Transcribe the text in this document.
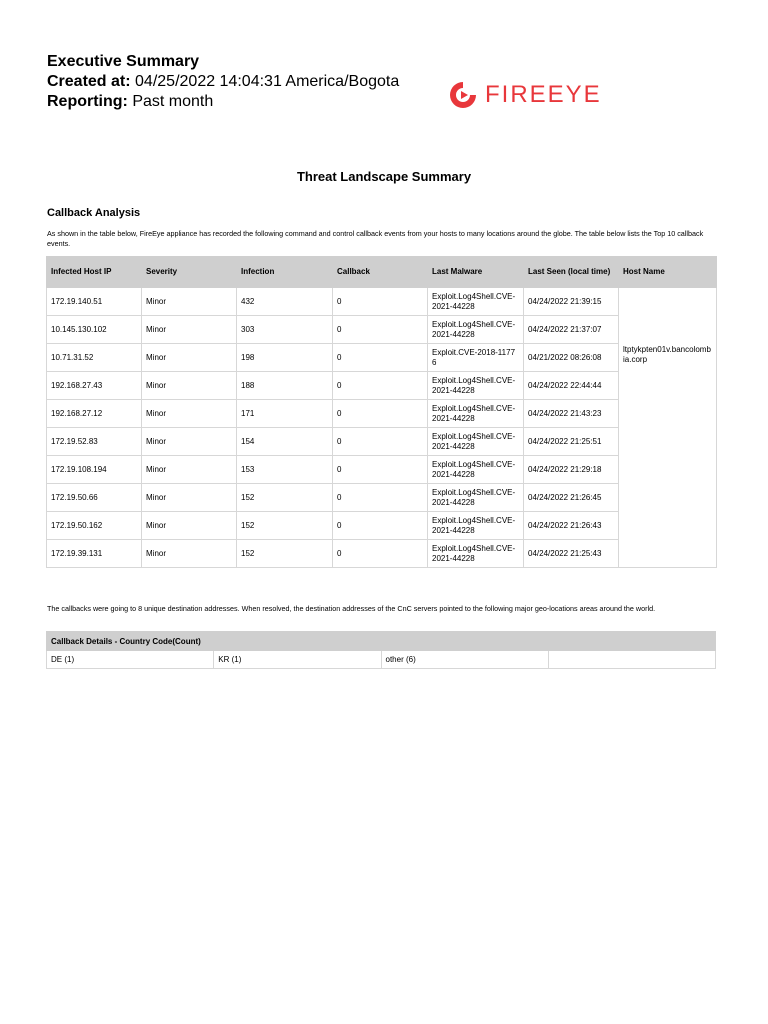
Executive Summary
Created at: 04/25/2022 14:04:31 America/Bogota
Reporting: Past month	FIREEYE
Threat Landscape Summary
Callback Analysis
As shown in the table below, FireEye appliance has recorded the following command and control callback events from your hosts to many locations around the globe. The table below lists the Top 10 callback events.
Infected Host IP	Severity	Infection	Callback	Last Malware	Last Seen (local time)	Host Name
172.19.140.51	Minor	432	0	Exploit.Log4Shell.CVE-2021-44228	04/24/2022 21:39:15	ltptykpten01v.bancolombia.corp
10.145.130.102	Minor	303	0	Exploit.Log4Shell.CVE-2021-44228	04/24/2022 21:37:07	
10.71.31.52	Minor	198	0	Exploit.CVE-2018-11776	04/21/2022 08:26:08	
192.168.27.43	Minor	188	0	Exploit.Log4Shell.CVE-2021-44228	04/24/2022 22:44:44	
192.168.27.12	Minor	171	0	Exploit.Log4Shell.CVE-2021-44228	04/24/2022 21:43:23	
172.19.52.83	Minor	154	0	Exploit.Log4Shell.CVE-2021-44228	04/24/2022 21:25:51	
172.19.108.194	Minor	153	0	Exploit.Log4Shell.CVE-2021-44228	04/24/2022 21:29:18	
172.19.50.66	Minor	152	0	Exploit.Log4Shell.CVE-2021-44228	04/24/2022 21:26:45	
172.19.50.162	Minor	152	0	Exploit.Log4Shell.CVE-2021-44228	04/24/2022 21:26:43	
172.19.39.131	Minor	152	0	Exploit.Log4Shell.CVE-2021-44228	04/24/2022 21:25:43	
The callbacks were going to 8 unique destination addresses. When resolved, the destination addresses of the CnC servers pointed to the following major geo-locations areas around the world.
Callback Details - Country Code(Count)
DE (1)	KR (1)	other (6)	
